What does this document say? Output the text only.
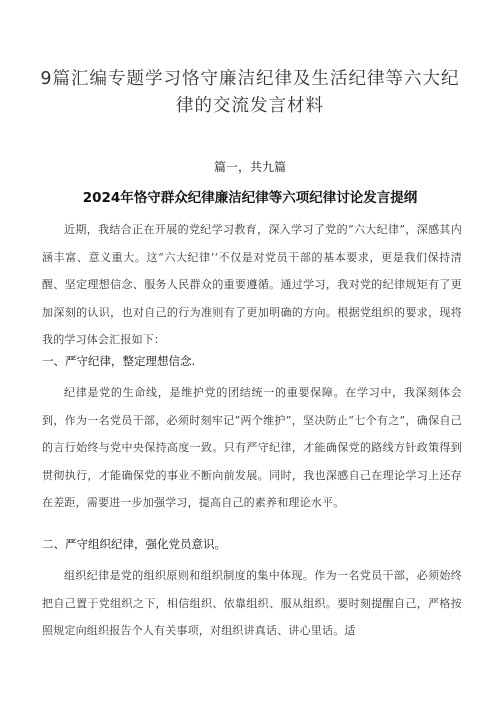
9篇汇编专题学习恪守廉洁纪律及生活纪律等六大纪律的交流发言材料
篇一，共九篇
2024年恪守群众纪律廉洁纪律等六项纪律讨论发言提纲
近期，我结合正在开展的党纪学习教育，深入学习了党的“六大纪律”，深感其内涵丰富、意义重大。这“六大纪律’‘不仅是对党员干部的基本要求，更是我们保持清醒、坚定理想信念、服务人民群众的重要遵循。通过学习，我对党的纪律规矩有了更加深刻的认识，也对自己的行为准则有了更加明确的方向。根据党组织的要求，现将我的学习体会汇报如下：
一、严守纪律，整定理想信念.
纪律是党的生命线，是维护党的团结统一的重要保障。在学习中，我深刻体会到，作为一名党员干部，必须时刻牢记“两个维护”，坚决防止“七个有之”，确保自己的言行始终与党中央保持高度一致。只有严守纪律，才能确保党的路线方针政策得到贯彻执行，才能确保党的事业不断向前发展。同时，我也深感自己在理论学习上还存在差距，需要进一步加强学习，提高自己的素养和理论水平。
二、严守组织纪律，强化党员意识。
组织纪律是党的组织原则和组织制度的集中体现。作为一名党员干部，必须始终把自己置于党组织之下，相信组织、依靠组织、服从组织。要时刻提醒自己，严格按照规定向组织报告个人有关事项，对组织讲真话、讲心里话。适
